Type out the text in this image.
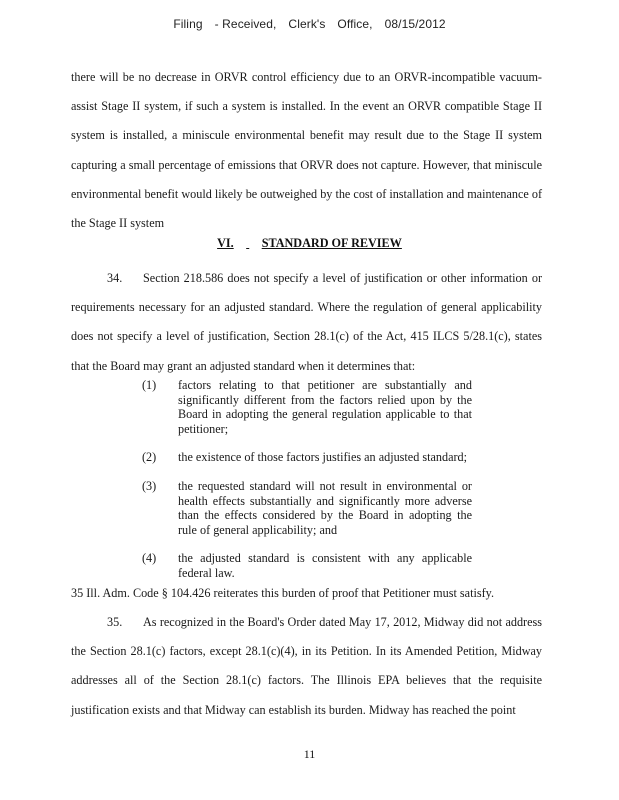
Filing - Received, Clerk's Office, 08/15/2012
there will be no decrease in ORVR control efficiency due to an ORVR-incompatible vacuum-assist Stage II system, if such a system is installed. In the event an ORVR compatible Stage II system is installed, a miniscule environmental benefit may result due to the Stage II system capturing a small percentage of emissions that ORVR does not capture. However, that miniscule environmental benefit would likely be outweighed by the cost of installation and maintenance of the Stage II system
VI. STANDARD OF REVIEW
34. Section 218.586 does not specify a level of justification or other information or requirements necessary for an adjusted standard. Where the regulation of general applicability does not specify a level of justification, Section 28.1(c) of the Act, 415 ILCS 5/28.1(c), states that the Board may grant an adjusted standard when it determines that:
(1)	factors relating to that petitioner are substantially and significantly different from the factors relied upon by the Board in adopting the general regulation applicable to that petitioner;
(2)	the existence of those factors justifies an adjusted standard;
(3)	the requested standard will not result in environmental or health effects substantially and significantly more adverse than the effects considered by the Board in adopting the rule of general applicability; and
(4)	the adjusted standard is consistent with any applicable federal law.
35 Ill. Adm. Code § 104.426 reiterates this burden of proof that Petitioner must satisfy.
35. As recognized in the Board's Order dated May 17, 2012, Midway did not address the Section 28.1(c) factors, except 28.1(c)(4), in its Petition. In its Amended Petition, Midway addresses all of the Section 28.1(c) factors. The Illinois EPA believes that the requisite justification exists and that Midway can establish its burden. Midway has reached the point
11
